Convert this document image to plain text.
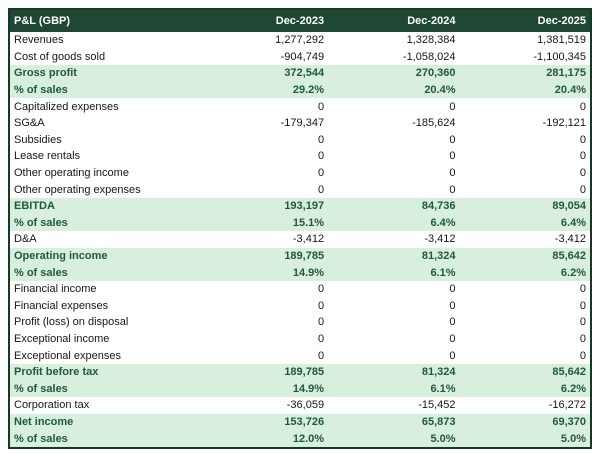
P&L (GBP)	Dec-2023	Dec-2024	Dec-2025
Revenues	1,277,292	1,328,384	1,381,519
Cost of goods sold	-904,749	-1,058,024	-1,100,345
Gross profit	372,544	270,360	281,175
% of sales	29.2%	20.4%	20.4%
Capitalized expenses	0	0	0
SG&A	-179,347	-185,624	-192,121
Subsidies	0	0	0
Lease rentals	0	0	0
Other operating income	0	0	0
Other operating expenses	0	0	0
EBITDA	193,197	84,736	89,054
% of sales	15.1%	6.4%	6.4%
D&A	-3,412	-3,412	-3,412
Operating income	189,785	81,324	85,642
% of sales	14.9%	6.1%	6.2%
Financial income	0	0	0
Financial expenses	0	0	0
Profit (loss) on disposal	0	0	0
Exceptional income	0	0	0
Exceptional expenses	0	0	0
Profit before tax	189,785	81,324	85,642
% of sales	14.9%	6.1%	6.2%
Corporation tax	-36,059	-15,452	-16,272
Net income	153,726	65,873	69,370
% of sales	12.0%	5.0%	5.0%
